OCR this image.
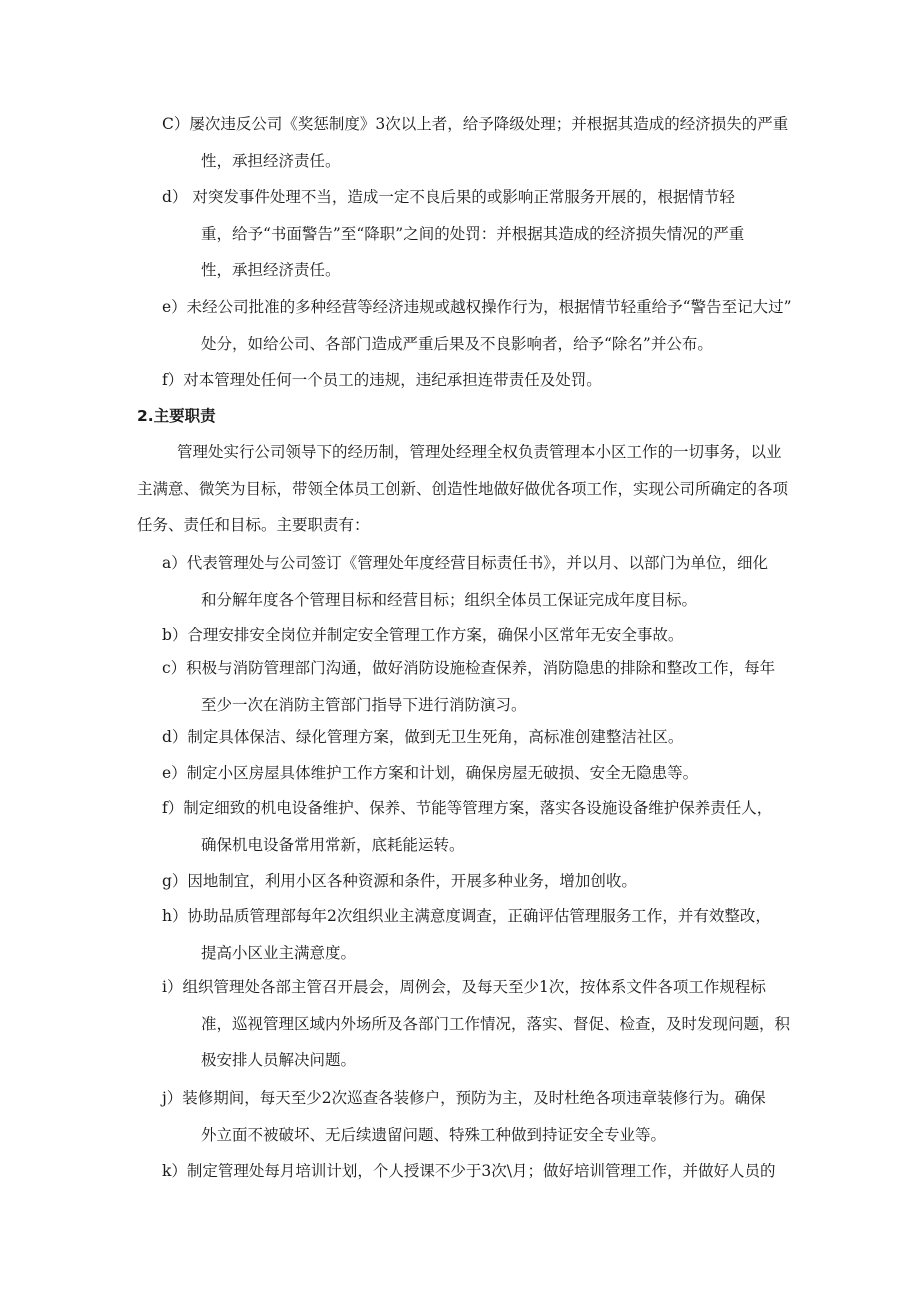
C）屡次违反公司《奖惩制度》3次以上者，给予降级处理；并根据其造成的经济损失的严重
性，承担经济责任。
d） 对突发事件处理不当，造成一定不良后果的或影响正常服务开展的，根据情节轻
重，给予“书面警告”至“降职”之间的处罚：并根据其造成的经济损失情况的严重
性，承担经济责任。
e）未经公司批准的多种经营等经济违规或越权操作行为，根据情节轻重给予“警告至记大过”
处分，如给公司、各部门造成严重后果及不良影响者，给予“除名”并公布。
f）对本管理处任何一个员工的违规，违纪承担连带责任及处罚。
2.主要职责
管理处实行公司领导下的经历制，管理处经理全权负责管理本小区工作的一切事务，以业
主满意、微笑为目标，带领全体员工创新、创造性地做好做优各项工作，实现公司所确定的各项
任务、责任和目标。主要职责有：
a）代表管理处与公司签订《管理处年度经营目标责任书》，并以月、以部门为单位，细化
和分解年度各个管理目标和经营目标；组织全体员工保证完成年度目标。
b）合理安排安全岗位并制定安全管理工作方案，确保小区常年无安全事故。
c）积极与消防管理部门沟通，做好消防设施检查保养，消防隐患的排除和整改工作，每年
至少一次在消防主管部门指导下进行消防演习。
d）制定具体保洁、绿化管理方案，做到无卫生死角，高标准创建整洁社区。
e）制定小区房屋具体维护工作方案和计划，确保房屋无破损、安全无隐患等。
f）制定细致的机电设备维护、保养、节能等管理方案，落实各设施设备维护保养责任人，
确保机电设备常用常新，底耗能运转。
g）因地制宜，利用小区各种资源和条件，开展多种业务，增加创收。
h）协助品质管理部每年2次组织业主满意度调查，正确评估管理服务工作，并有效整改，
提高小区业主满意度。
i）组织管理处各部主管召开晨会，周例会，及每天至少1次，按体系文件各项工作规程标
准，巡视管理区域内外场所及各部门工作情况，落实、督促、检查，及时发现问题，积
极安排人员解决问题。
j）装修期间，每天至少2次巡查各装修户，预防为主，及时杜绝各项违章装修行为。确保
外立面不被破坏、无后续遗留问题、特殊工种做到持证安全专业等。
k）制定管理处每月培训计划，个人授课不少于3次\月；做好培训管理工作，并做好人员的
